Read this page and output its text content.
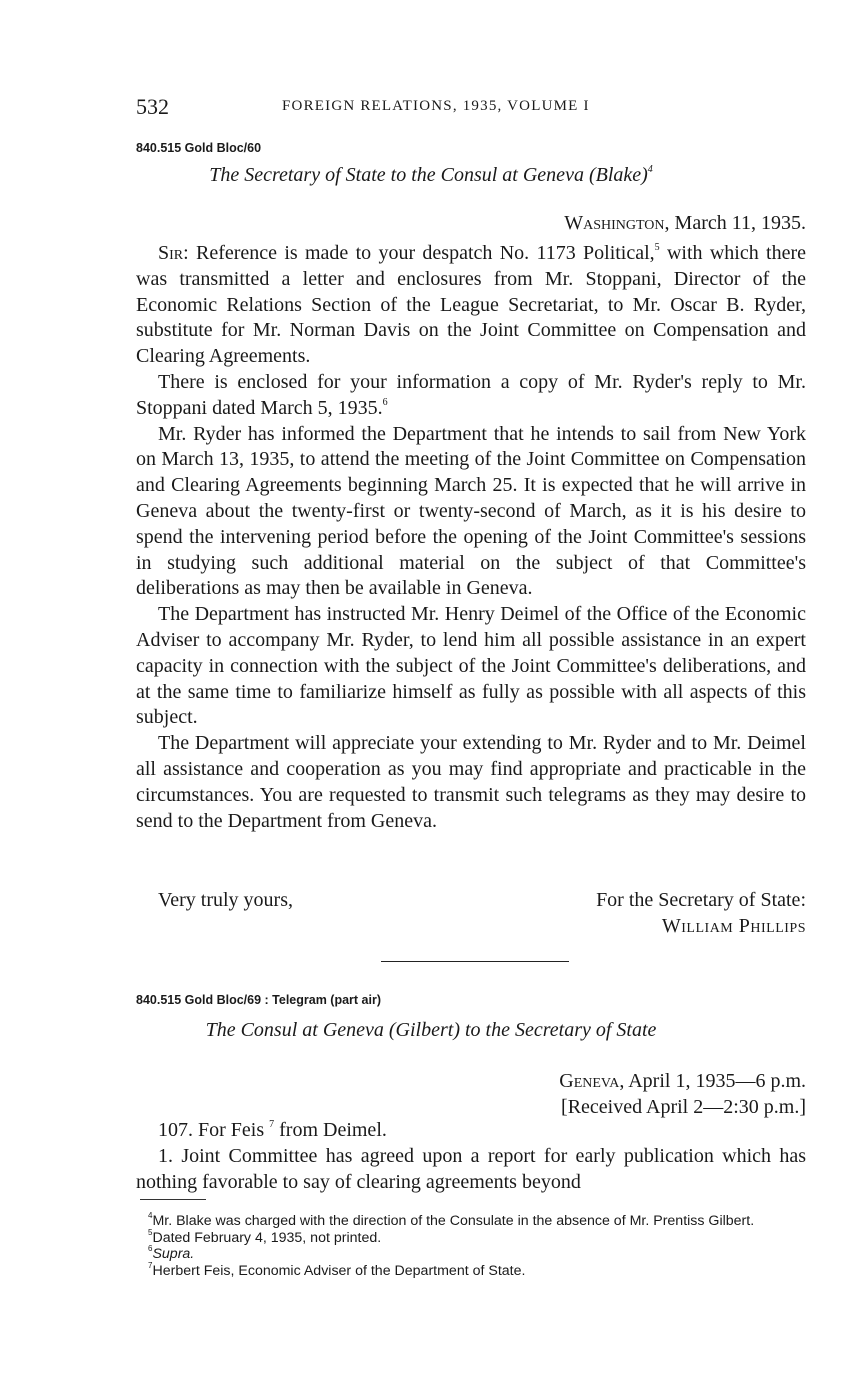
532	FOREIGN RELATIONS, 1935, VOLUME I
840.515 Gold Bloc/60
The Secretary of State to the Consul at Geneva (Blake)$^4$
Washington, March 11, 1935.

Sir: Reference is made to your despatch No. 1173 Political,$^5$ with which there was transmitted a letter and enclosures from Mr. Stoppani, Director of the Economic Relations Section of the League Secretariat, to Mr. Oscar B. Ryder, substitute for Mr. Norman Davis on the Joint Committee on Compensation and Clearing Agreements.

There is enclosed for your information a copy of Mr. Ryder's reply to Mr. Stoppani dated March 5, 1935.$^6$

Mr. Ryder has informed the Department that he intends to sail from New York on March 13, 1935, to attend the meeting of the Joint Committee on Compensation and Clearing Agreements beginning March 25. It is expected that he will arrive in Geneva about the twenty-first or twenty-second of March, as it is his desire to spend the intervening period before the opening of the Joint Committee's sessions in studying such additional material on the subject of that Committee's deliberations as may then be available in Geneva.

The Department has instructed Mr. Henry Deimel of the Office of the Economic Adviser to accompany Mr. Ryder, to lend him all possible assistance in an expert capacity in connection with the subject of the Joint Committee's deliberations, and at the same time to familiarize himself as fully as possible with all aspects of this subject.

The Department will appreciate your extending to Mr. Ryder and to Mr. Deimel all assistance and cooperation as you may find appropriate and practicable in the circumstances. You are requested to transmit such telegrams as they may desire to send to the Department from Geneva.

Very truly yours,	For the Secretary of State:
William Phillips
840.515 Gold Bloc/69 : Telegram (part air)
The Consul at Geneva (Gilbert) to the Secretary of State
Geneva, April 1, 1935—6 p.m.
[Received April 2—2:30 p.m.]

107. For Feis $^7$ from Deimel.

1. Joint Committee has agreed upon a report for early publication which has nothing favorable to say of clearing agreements beyond

$^4$Mr. Blake was charged with the direction of the Consulate in the absence of Mr. Prentiss Gilbert.

$^5$Dated February 4, 1935, not printed.

$^6$Supra.

$^7$Herbert Feis, Economic Adviser of the Department of State.
